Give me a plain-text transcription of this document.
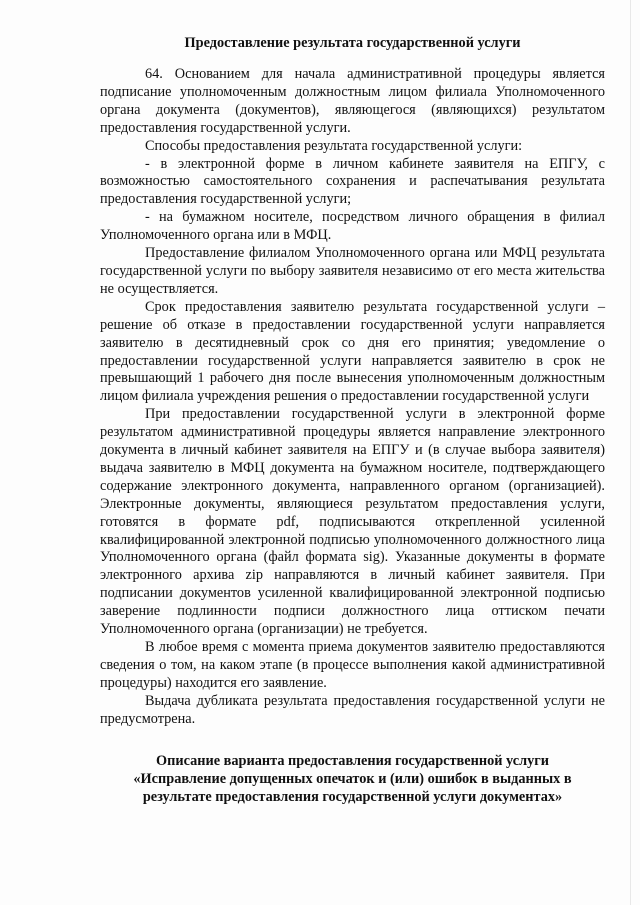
Предоставление результата государственной услуги

64. Основанием для начала административной процедуры является подписание уполномоченным должностным лицом филиала Уполномоченного органа документа (документов), являющегося (являющихся) результатом предоставления государственной услуги.

Способы предоставления результата государственной услуги:

- в электронной форме в личном кабинете заявителя на ЕПГУ, с возможностью самостоятельного сохранения и распечатывания результата предоставления государственной услуги;

- на бумажном носителе, посредством личного обращения в филиал Уполномоченного органа или в МФЦ.

Предоставление филиалом Уполномоченного органа или МФЦ результата государственной услуги по выбору заявителя независимо от его места жительства не осуществляется.

Срок предоставления заявителю результата государственной услуги – решение об отказе в предоставлении государственной услуги направляется заявителю в десятидневный срок со дня его принятия; уведомление о предоставлении государственной услуги направляется заявителю в срок не превышающий 1 рабочего дня после вынесения уполномоченным должностным лицом филиала учреждения решения о предоставлении государственной услуги

При предоставлении государственной услуги в электронной форме результатом административной процедуры является направление электронного документа в личный кабинет заявителя на ЕПГУ и (в случае выбора заявителя) выдача заявителю в МФЦ документа на бумажном носителе, подтверждающего содержание электронного документа, направленного органом (организацией). Электронные документы, являющиеся результатом предоставления услуги, готовятся в формате pdf, подписываются открепленной усиленной квалифицированной электронной подписью уполномоченного должностного лица Уполномоченного органа (файл формата sig). Указанные документы в формате электронного архива zip направляются в личный кабинет заявителя. При подписании документов усиленной квалифицированной электронной подписью заверение подлинности подписи должностного лица оттиском печати Уполномоченного органа (организации) не требуется.

В любое время с момента приема документов заявителю предоставляются сведения о том, на каком этапе (в процессе выполнения какой административной процедуры) находится его заявление.

Выдача дубликата результата предоставления государственной услуги не предусмотрена.

Описание варианта предоставления государственной услуги
«Исправление допущенных опечаток и (или) ошибок в выданных в
результате предоставления государственной услуги документах»
